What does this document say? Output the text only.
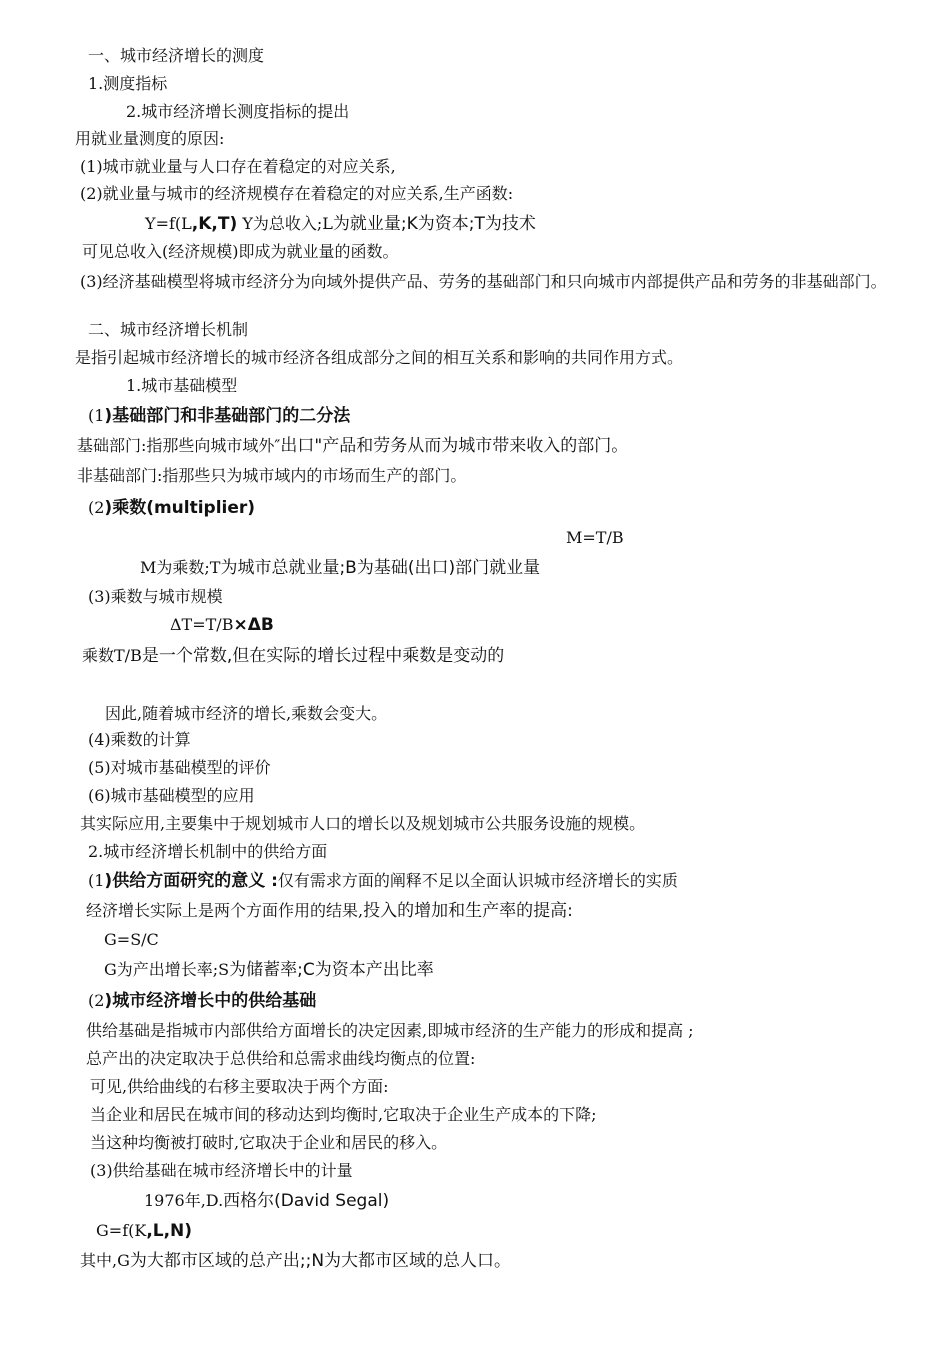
一、城市经济增长的测度
1.测度指标
2.城市经济增长测度指标的提出
用就业量测度的原因:
(1)城市就业量与人口存在着稳定的对应关系,
(2)就业量与城市的经济规模存在着稳定的对应关系,生产函数:
Y=f(L,K,T) Y为总收入;L为就业量;K为资本;T为技术
可见总收入(经济规模)即成为就业量的函数。
(3)经济基础模型将城市经济分为向域外提供产品、劳务的基础部门和只向城市内部提供产品和劳务的非基础部门。
二、城市经济增长机制
是指引起城市经济增长的城市经济各组成部分之间的相互关系和影响的共同作用方式。
1.城市基础模型
(1)基础部门和非基础部门的二分法
基础部门:指那些向城市域外″出口"产品和劳务从而为城市带来收入的部门。
非基础部门:指那些只为城市域内的市场而生产的部门。
(2)乘数(multiplier)
M=T/B
M为乘数;T为城市总就业量;B为基础(出口)部门就业量
(3)乘数与城市规模
ΔT=T/B×ΔB
乘数T/B是一个常数,但在实际的增长过程中乘数是变动的
因此,随着城市经济的增长,乘数会变大。
(4)乘数的计算
(5)对城市基础模型的评价
(6)城市基础模型的应用
其实际应用,主要集中于规划城市人口的增长以及规划城市公共服务设施的规模。
2.城市经济增长机制中的供给方面
(1)供给方面研究的意义 :仅有需求方面的阐释不足以全面认识城市经济增长的实质
经济增长实际上是两个方面作用的结果,投入的增加和生产率的提高:
G=S/C
G为产出增长率;S为储蓄率;C为资本产出比率
(2)城市经济增长中的供给基础
供给基础是指城市内部供给方面增长的决定因素,即城市经济的生产能力的形成和提高 ;
总产出的决定取决于总供给和总需求曲线均衡点的位置:
可见,供给曲线的右移主要取决于两个方面:
当企业和居民在城市间的移动达到均衡时,它取决于企业生产成本的下降;
当这种均衡被打破时,它取决于企业和居民的移入。
(3)供给基础在城市经济增长中的计量
1976年,D.西格尔(David Segal)
G=f(K,L,N)
其中,G为大都市区域的总产出;;N为大都市区域的总人口。
